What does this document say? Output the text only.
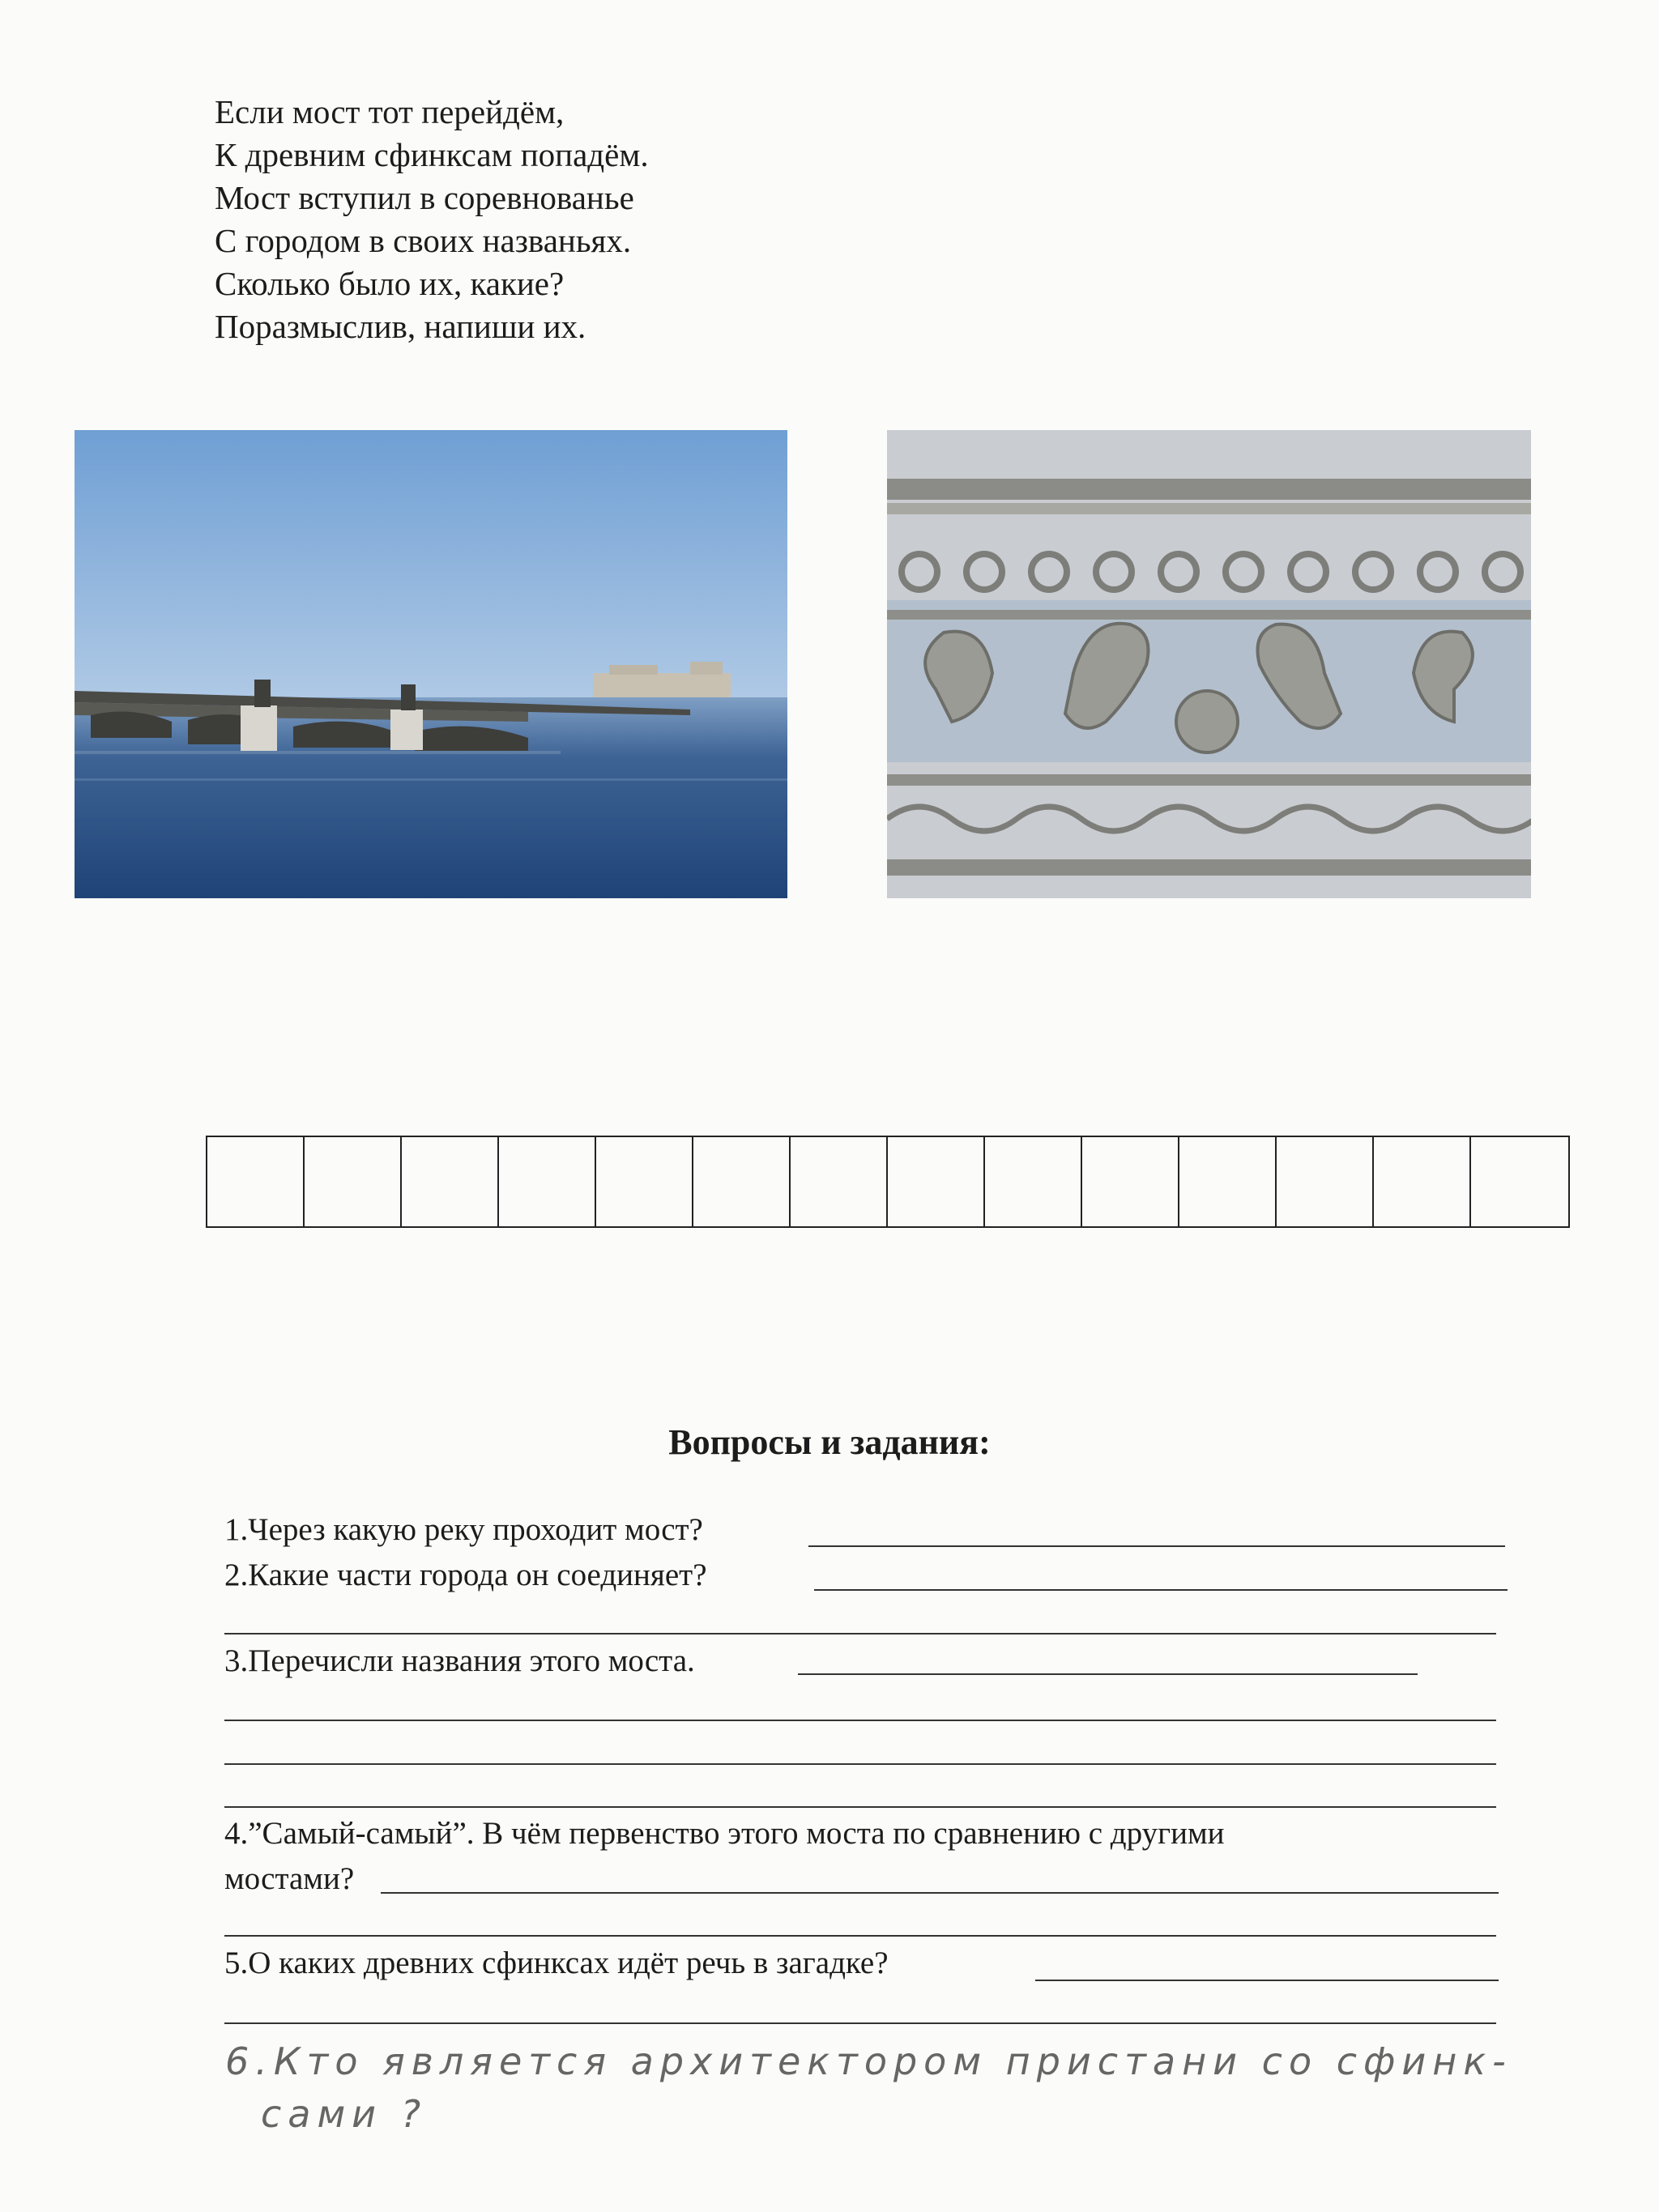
Если мост тот перейдём,
К древним сфинксам попадём.
Мост вступил в соревнованье
С городом в своих названьях.
Сколько было их, какие?
Поразмыслив, напиши их.
Вопросы и задания:
1.Через какую реку проходит мост?
2.Какие части города он соединяет?
3.Перечисли названия этого моста.
4.”Самый-самый”. В чём первенство этого моста по сравнению с другими
мостами?
5.О каких древних сфинксах идёт речь в загадке?
6.Кто является архитектором пристани со сфинк-
сами ?
